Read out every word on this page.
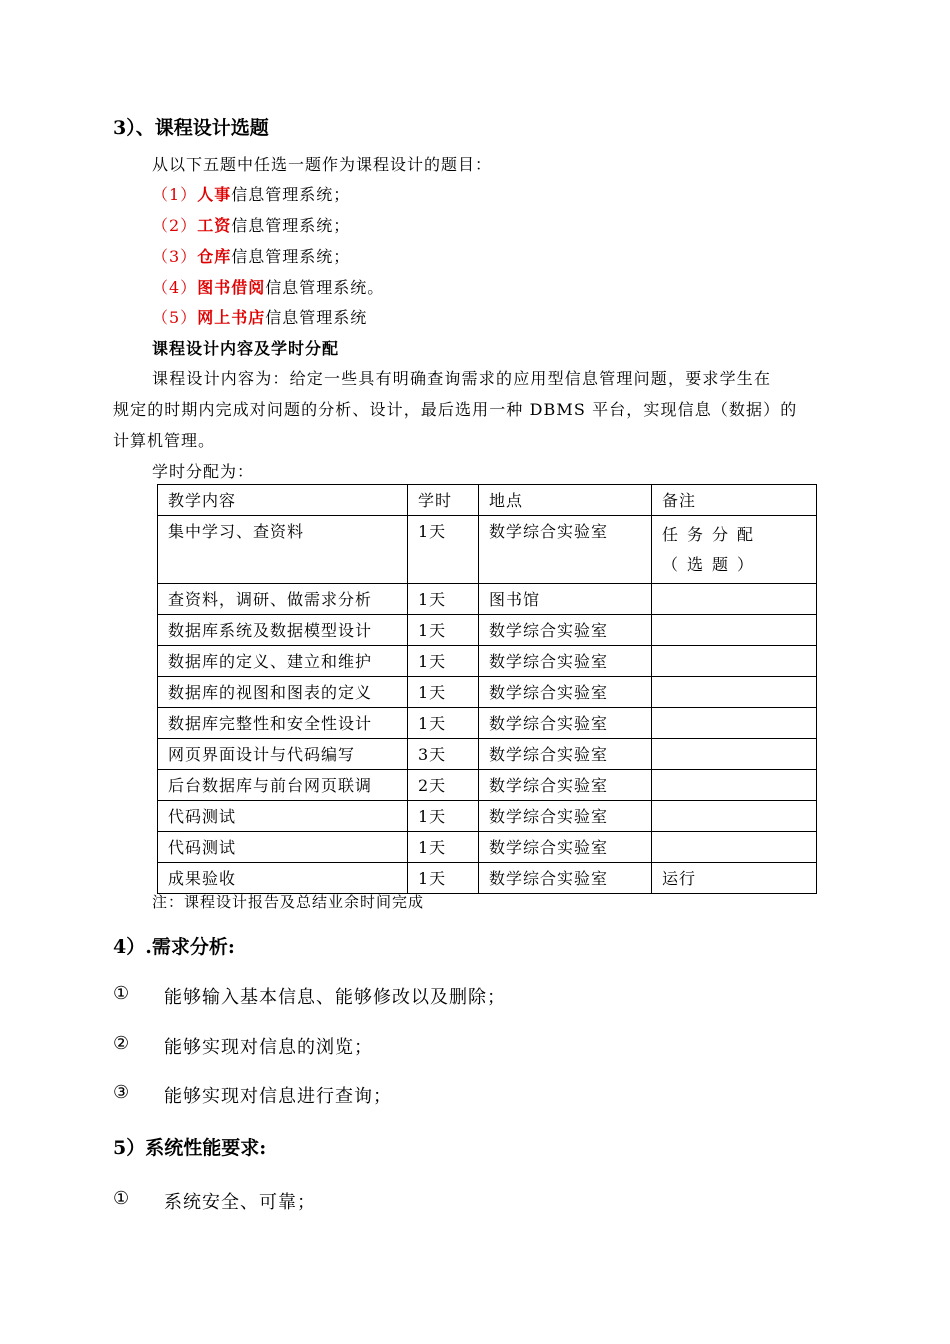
3）、课程设计选题
从以下五题中任选一题作为课程设计的题目：
（1）人事信息管理系统；
（2）工资信息管理系统；
（3）仓库信息管理系统；
（4）图书借阅信息管理系统。
（5）网上书店信息管理系统
课程设计内容及学时分配
课程设计内容为：给定一些具有明确查询需求的应用型信息管理问题，要求学生在
规定的时期内完成对问题的分析、设计，最后选用一种 DBMS 平台，实现信息（数据）的
计算机管理。
学时分配为：
教学内容	学时	地点	备注
集中学习、查资料	1天	数学综合实验室	任务分配（选题）
查资料，调研、做需求分析	1天	图书馆	
数据库系统及数据模型设计	1天	数学综合实验室	
数据库的定义、建立和维护	1天	数学综合实验室	
数据库的视图和图表的定义	1天	数学综合实验室	
数据库完整性和安全性设计	1天	数学综合实验室	
网页界面设计与代码编写	3天	数学综合实验室	
后台数据库与前台网页联调	2天	数学综合实验室	
代码测试	1天	数学综合实验室	
代码测试	1天	数学综合实验室	
成果验收	1天	数学综合实验室	运行
注：课程设计报告及总结业余时间完成
4）.需求分析:
① 能够输入基本信息、能够修改以及删除；
② 能够实现对信息的浏览；
③ 能够实现对信息进行查询；
5）系统性能要求:
① 系统安全、可靠；
